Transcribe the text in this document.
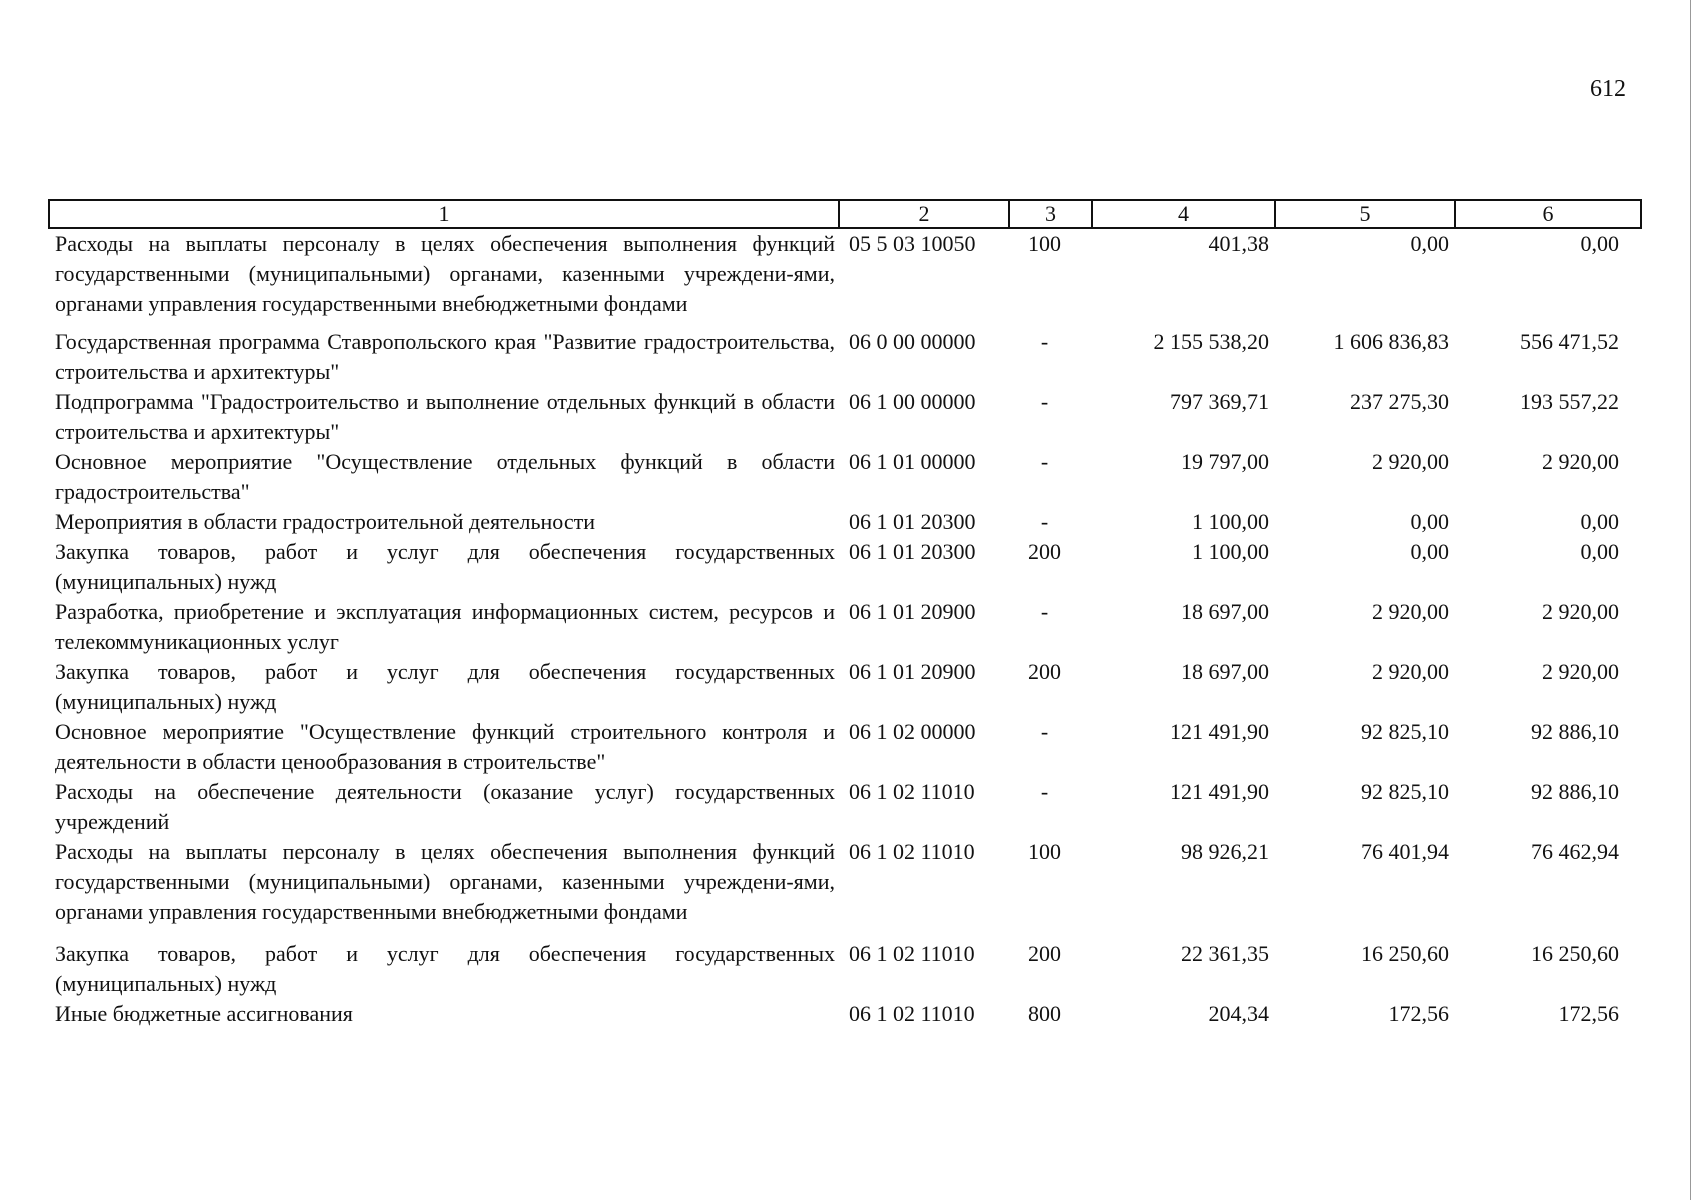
612
1	2	3	4	5	6
Расходы на выплаты персоналу в целях обеспечения выполнения функций государственными (муниципальными) органами, казенными учреждени-ями, органами управления государственными внебюджетными фондами	05 5 03 10050	100	401,38	0,00	0,00
Государственная программа Ставропольского края "Развитие градостроительства, строительства и архитектуры"	06 0 00 00000	-	2 155 538,20	1 606 836,83	556 471,52
Подпрограмма "Градостроительство и выполнение отдельных функций в области строительства и архитектуры"	06 1 00 00000	-	797 369,71	237 275,30	193 557,22
Основное мероприятие "Осуществление отдельных функций в области градостроительства"	06 1 01 00000	-	19 797,00	2 920,00	2 920,00
Мероприятия в области градостроительной деятельности	06 1 01 20300	-	1 100,00	0,00	0,00
Закупка товаров, работ и услуг для обеспечения государственных (муниципальных) нужд	06 1 01 20300	200	1 100,00	0,00	0,00
Разработка, приобретение и эксплуатация информационных систем, ресурсов и телекоммуникационных услуг	06 1 01 20900	-	18 697,00	2 920,00	2 920,00
Закупка товаров, работ и услуг для обеспечения государственных (муниципальных) нужд	06 1 01 20900	200	18 697,00	2 920,00	2 920,00
Основное мероприятие "Осуществление функций строительного контроля и деятельности в области ценообразования в строительстве"	06 1 02 00000	-	121 491,90	92 825,10	92 886,10
Расходы на обеспечение деятельности (оказание услуг) государственных учреждений	06 1 02 11010	-	121 491,90	92 825,10	92 886,10
Расходы на выплаты персоналу в целях обеспечения выполнения функций государственными (муниципальными) органами, казенными учреждени-ями, органами управления государственными внебюджетными фондами	06 1 02 11010	100	98 926,21	76 401,94	76 462,94
Закупка товаров, работ и услуг для обеспечения государственных (муниципальных) нужд	06 1 02 11010	200	22 361,35	16 250,60	16 250,60
Иные бюджетные ассигнования	06 1 02 11010	800	204,34	172,56	172,56
